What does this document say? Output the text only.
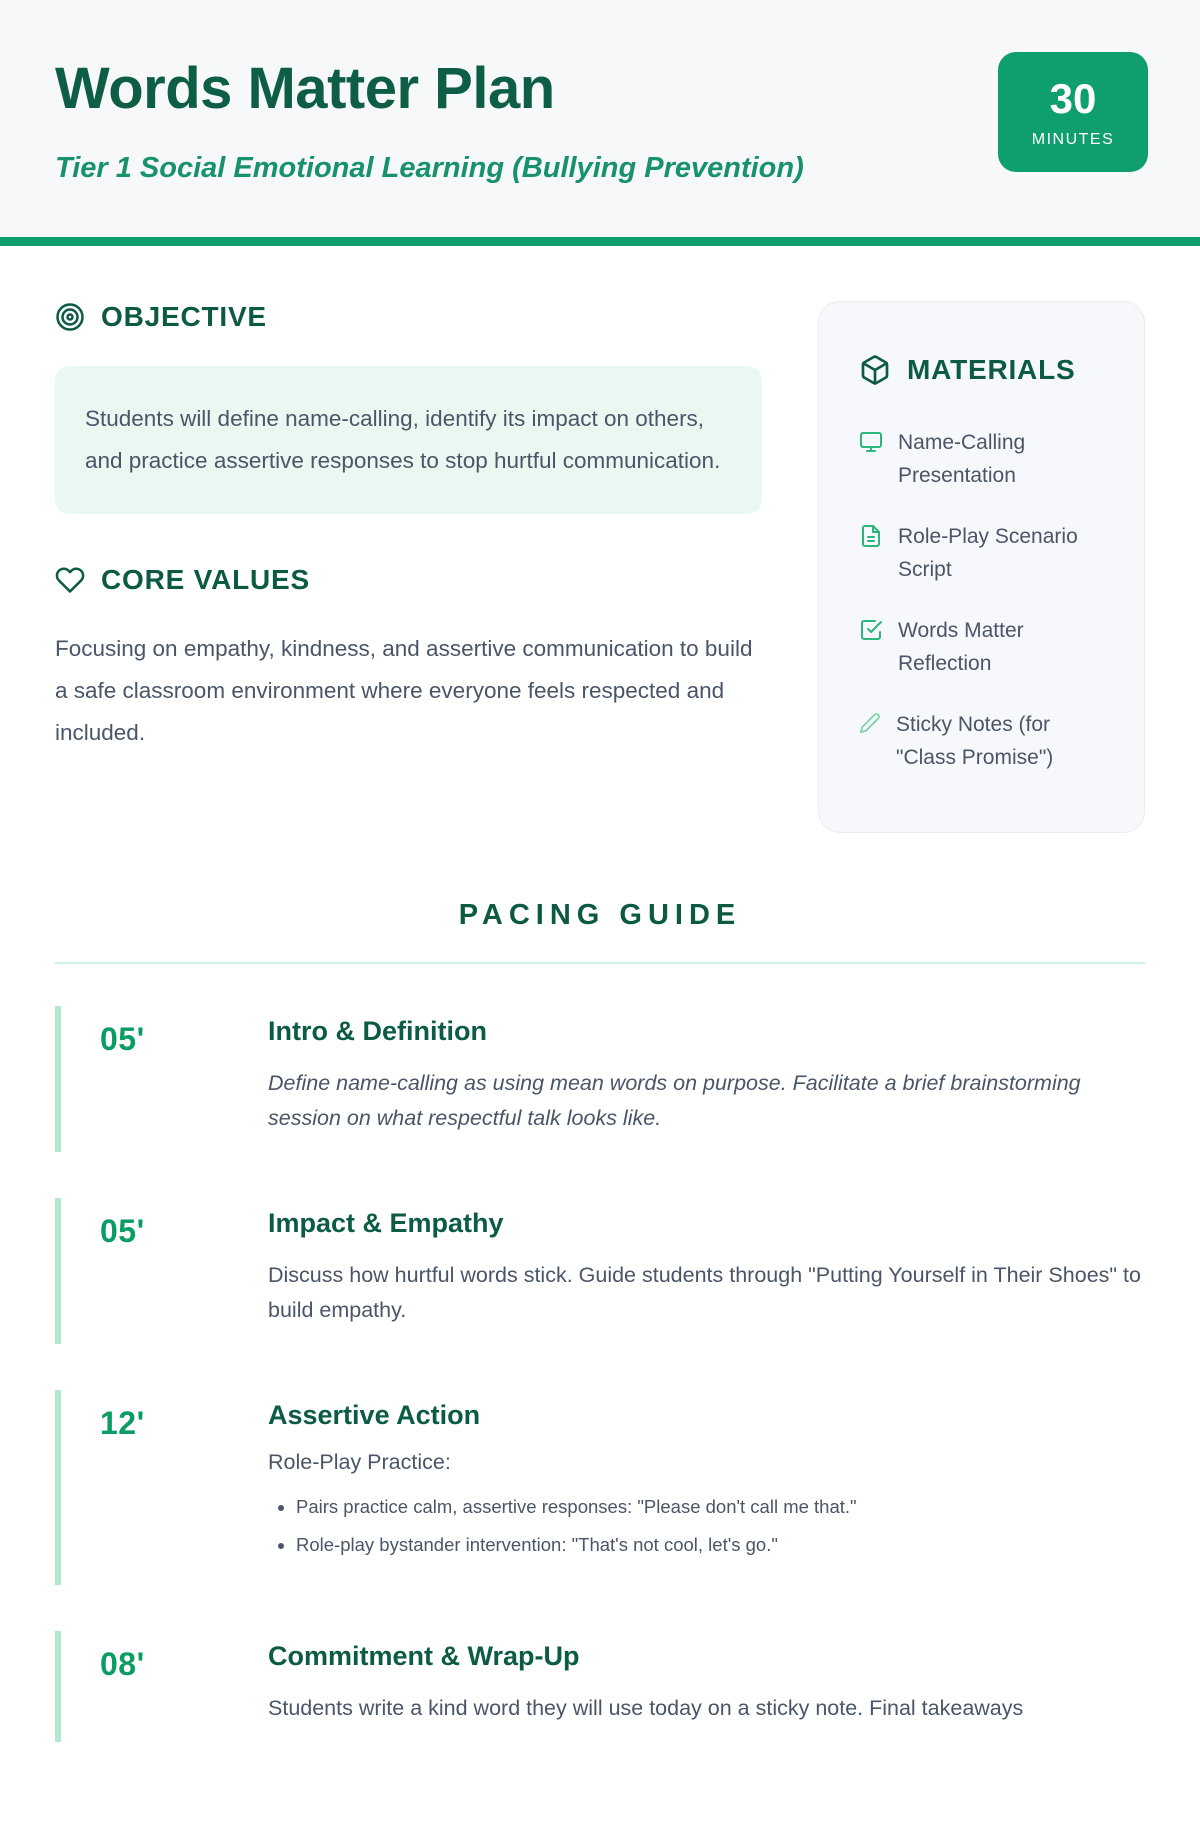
Words Matter Plan

Tier 1 Social Emotional Learning (Bullying Prevention)

30
MINUTES
OBJECTIVE
Students will define name-calling, identify its impact on others, and practice assertive responses to stop hurtful communication.
CORE VALUES

Focusing on empathy, kindness, and assertive communication to build a safe classroom environment where everyone feels respected and included.

MATERIALS
Name-Calling Presentation
Role-Play Scenario Script
Words Matter Reflection
Sticky Notes (for "Class Promise")
PACING GUIDE
05'	Intro & Definition

Define name-calling as using mean words on purpose. Facilitate a brief brainstorming session on what respectful talk looks like.

05'	Impact & Empathy

Discuss how hurtful words stick. Guide students through "Putting Yourself in Their Shoes" to build empathy.

12'	Assertive Action

Role-Play Practice:

• Pairs practice calm, assertive responses: "Please don't call me that."
• Role-play bystander intervention: "That's not cool, let's go."
08'	Commitment & Wrap-Up

Students write a kind word they will use today on a sticky note. Final takeaways
